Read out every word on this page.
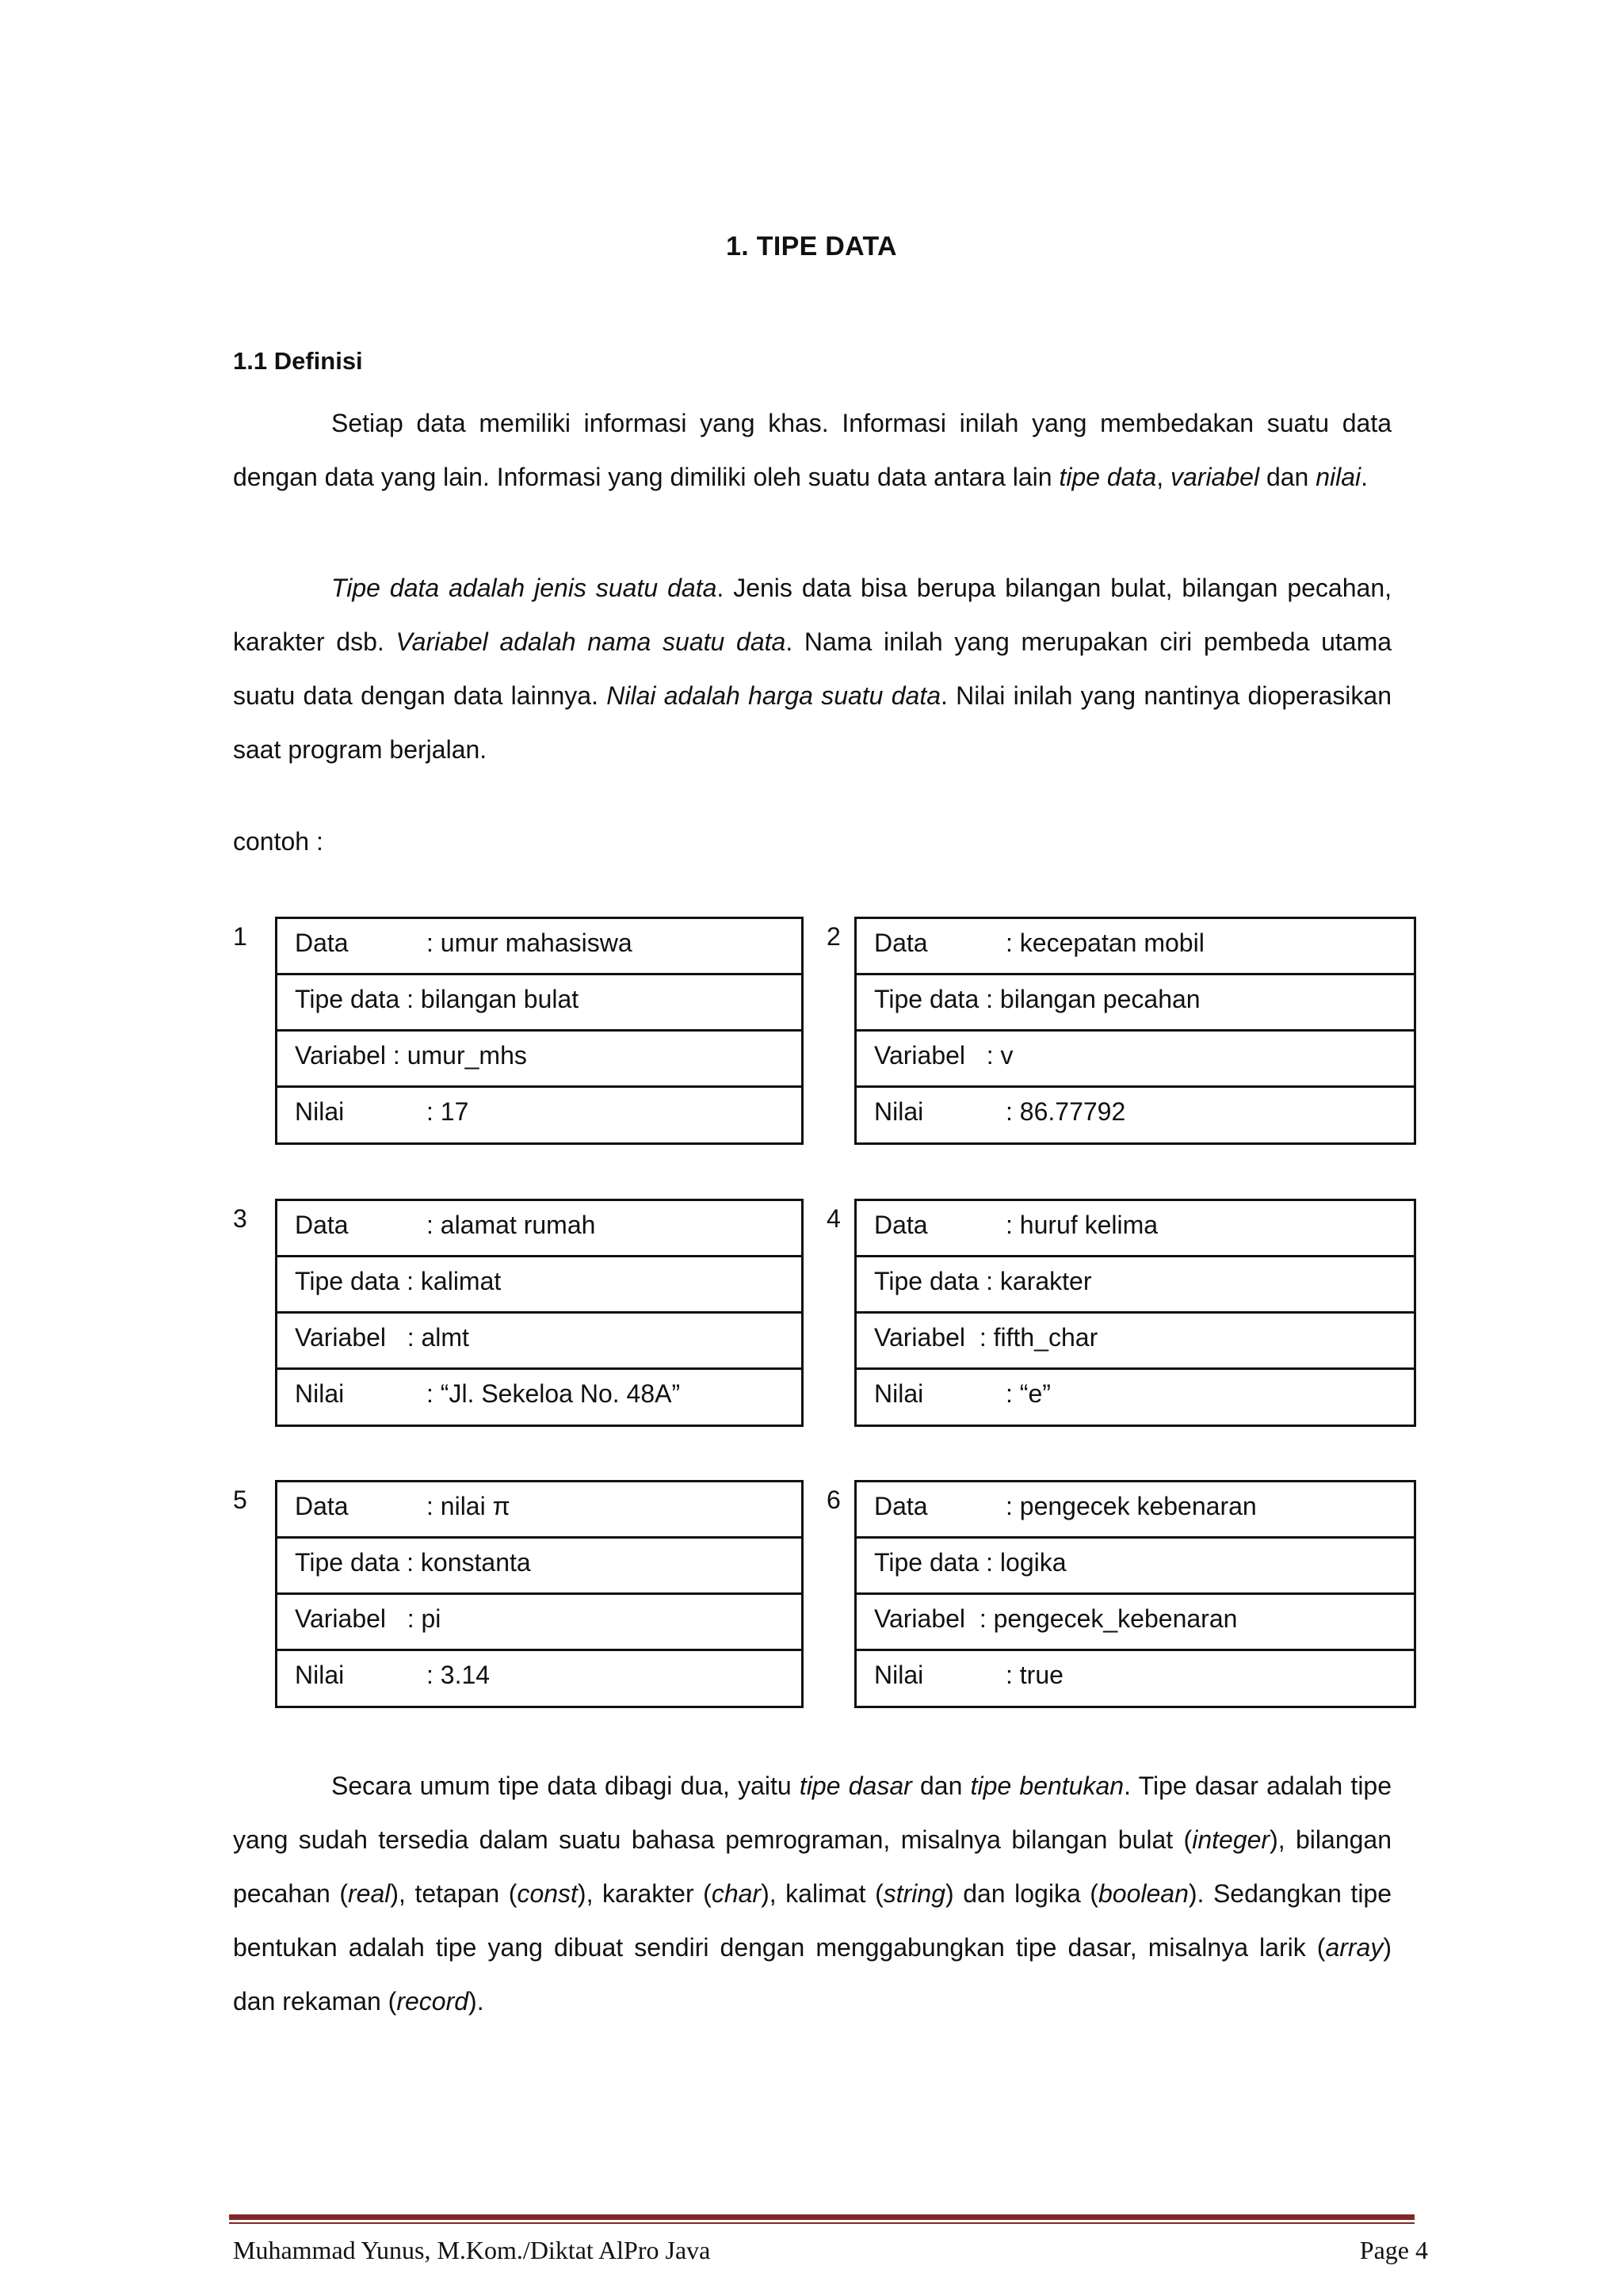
1. TIPE DATA
1.1 Definisi

Setiap data memiliki informasi yang khas. Informasi inilah yang membedakan suatu data dengan data yang lain. Informasi yang dimiliki oleh suatu data antara lain tipe data, variabel dan nilai.

Tipe data adalah jenis suatu data. Jenis data bisa berupa bilangan bulat, bilangan pecahan, karakter dsb. Variabel adalah nama suatu data. Nama inilah yang merupakan ciri pembeda utama suatu data dengan data lainnya. Nilai adalah harga suatu data. Nilai inilah yang nantinya dioperasikan saat program berjalan.

contoh :
1	Data	: umur mahasiswa
Tipe data : bilangan bulat
Variabel : umur_mhs
Nilai	: 17
2	Data	: kecepatan mobil
Tipe data : bilangan pecahan
Variabel   : v
Nilai	: 86.77792
3	Data	: alamat rumah
Tipe data : kalimat
Variabel   : almt
Nilai	: “Jl. Sekeloa No. 48A”
4	Data	: huruf kelima
Tipe data : karakter
Variabel  : fifth_char
Nilai	: “e”
5	Data	: nilai π
Tipe data : konstanta
Variabel   : pi
Nilai	: 3.14
6	Data	: pengecek kebenaran
Tipe data : logika
Variabel  : pengecek_kebenaran
Nilai	: true

Secara umum tipe data dibagi dua, yaitu tipe dasar dan tipe bentukan. Tipe dasar adalah tipe yang sudah tersedia dalam suatu bahasa pemrograman, misalnya bilangan bulat (integer), bilangan pecahan (real), tetapan (const), karakter (char), kalimat (string) dan logika (boolean). Sedangkan tipe bentukan adalah tipe yang dibuat sendiri dengan menggabungkan tipe dasar, misalnya larik (array) dan rekaman (record).

Muhammad Yunus, M.Kom./Diktat AlPro Java	Page 4
